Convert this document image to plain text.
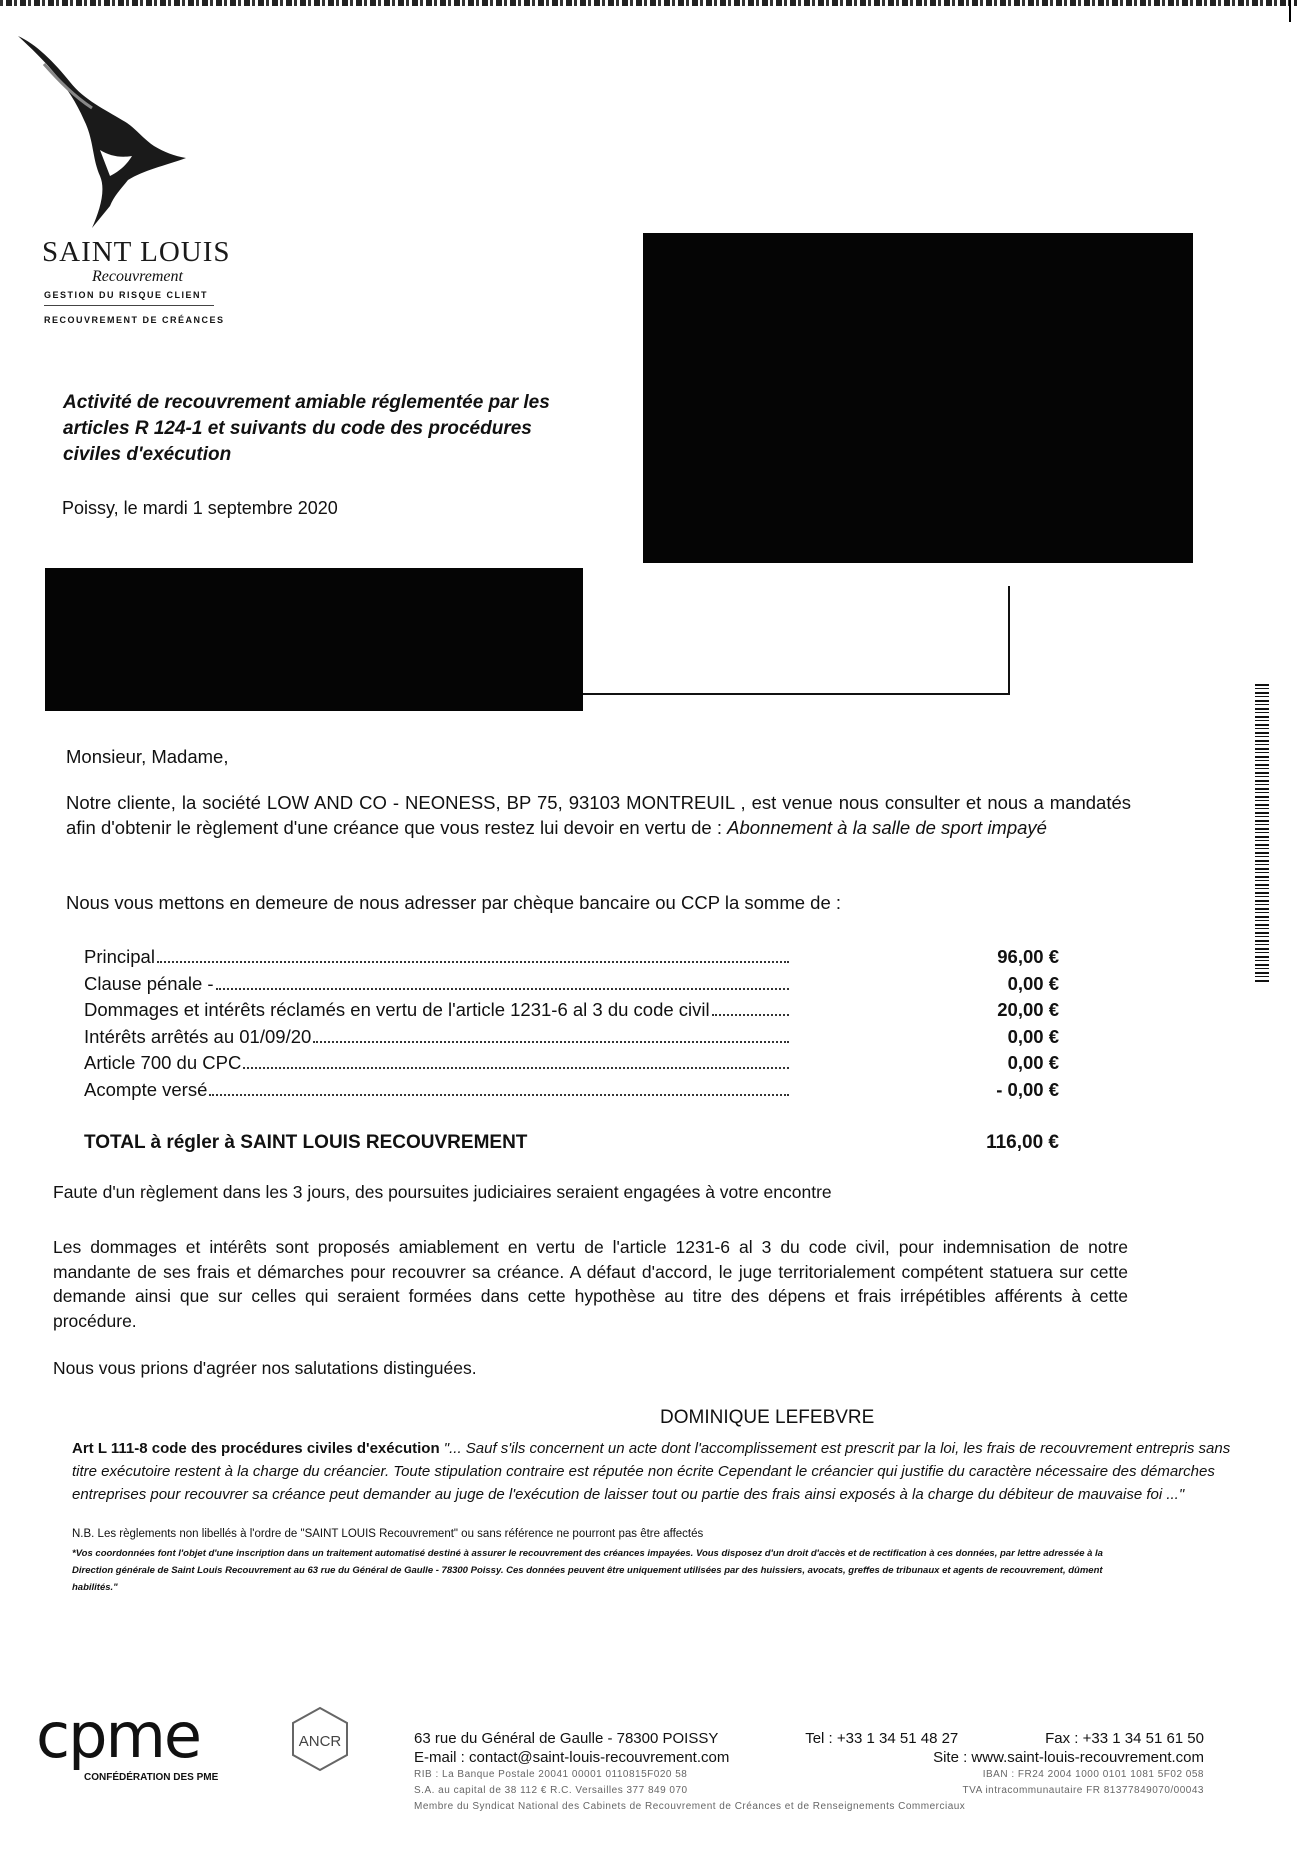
SAINT LOUIS
Recouvrement
GESTION DU RISQUE CLIENT
RECOUVREMENT DE CRÉANCES
Activité de recouvrement amiable réglementée par les articles R 124-1 et suivants du code des procédures civiles d'exécution
Poissy, le mardi 1 septembre 2020
Monsieur, Madame,
Notre cliente, la société LOW AND CO - NEONESS, BP 75, 93103 MONTREUIL , est venue nous consulter et nous a mandatés afin d'obtenir le règlement d'une créance que vous restez lui devoir en vertu de : Abonnement à la salle de sport impayé
Nous vous mettons en demeure de nous adresser par chèque bancaire ou CCP la somme de :
Principal	96,00 €
Clause pénale -	0,00 €
Dommages et intérêts réclamés en vertu de l'article 1231-6 al 3 du code civil	20,00 €
Intérêts arrêtés au 01/09/20	0,00 €
Article 700 du CPC	0,00 €
Acompte versé	- 0,00 €
TOTAL à régler à SAINT LOUIS RECOUVREMENT	116,00 €
Faute d'un règlement dans les 3 jours, des poursuites judiciaires seraient engagées à votre encontre
Les dommages et intérêts sont proposés amiablement en vertu de l'article 1231-6 al 3 du code civil, pour indemnisation de notre mandante de ses frais et démarches pour recouvrer sa créance. A défaut d'accord, le juge territorialement compétent statuera sur cette demande ainsi que sur celles qui seraient formées dans cette hypothèse au titre des dépens et frais irrépétibles afférents à cette procédure.
Nous vous prions d'agréer nos salutations distinguées.
DOMINIQUE LEFEBVRE
Art L 111-8 code des procédures civiles d'exécution "... Sauf s'ils concernent un acte dont l'accomplissement est prescrit par la loi, les frais de recouvrement entrepris sans titre exécutoire restent à la charge du créancier. Toute stipulation contraire est réputée non écrite Cependant le créancier qui justifie du caractère nécessaire des démarches entreprises pour recouvrer sa créance peut demander au juge de l'exécution de laisser tout ou partie des frais ainsi exposés à la charge du débiteur de mauvaise foi ..."
N.B. Les règlements non libellés à l'ordre de "SAINT LOUIS Recouvrement" ou sans référence ne pourront pas être affectés
*Vos coordonnées font l'objet d'une inscription dans un traitement automatisé destiné à assurer le recouvrement des créances impayées. Vous disposez d'un droit d'accès et de rectification à ces données, par lettre adressée à la Direction générale de Saint Louis Recouvrement au 63 rue du Général de Gaulle - 78300 Poissy. Ces données peuvent être uniquement utilisées par des huissiers, avocats, greffes de tribunaux et agents de recouvrement, dûment habilités."
cpme
CONFÉDÉRATION DES PME
ANCR	63 rue du Général de Gaulle - 78300 POISSY	Tel : +33 1 34 51 48 27	Fax : +33 1 34 51 61 50
E-mail : contact@saint-louis-recouvrement.com	Site : www.saint-louis-recouvrement.com
RIB : La Banque Postale 20041 00001 0110815F020 58	IBAN : FR24 2004 1000 0101 1081 5F02 058
S.A. au capital de 38 112 € R.C. Versailles 377 849 070	TVA intracommunautaire FR 81377849070/00043
Membre du Syndicat National des Cabinets de Recouvrement de Créances et de Renseignements Commerciaux
